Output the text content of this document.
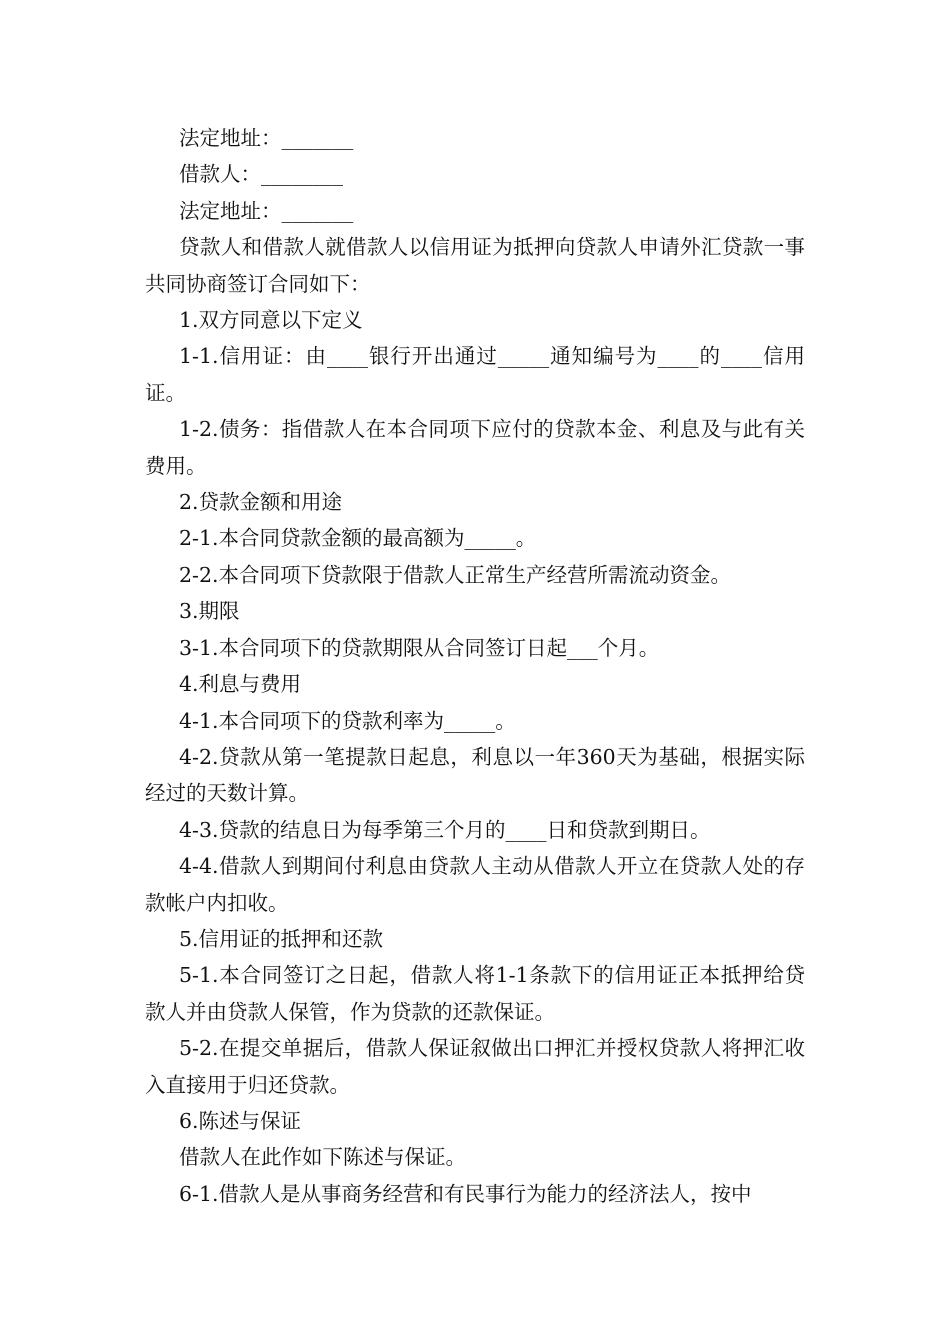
法定地址：_______

借款人：________

法定地址：_______

贷款人和借款人就借款人以信用证为抵押向贷款人申请外汇贷款一事共同协商签订合同如下：

1.双方同意以下定义

1-1.信用证：由____银行开出通过_____通知编号为____的____信用证。

1-2.债务：指借款人在本合同项下应付的贷款本金、利息及与此有关费用。

2.贷款金额和用途

2-1.本合同贷款金额的最高额为_____。

2-2.本合同项下贷款限于借款人正常生产经营所需流动资金。

3.期限

3-1.本合同项下的贷款期限从合同签订日起___个月。

4.利息与费用

4-1.本合同项下的贷款利率为_____。

4-2.贷款从第一笔提款日起息，利息以一年360天为基础，根据实际经过的天数计算。

4-3.贷款的结息日为每季第三个月的____日和贷款到期日。

4-4.借款人到期间付利息由贷款人主动从借款人开立在贷款人处的存款帐户内扣收。

5.信用证的抵押和还款

5-1.本合同签订之日起，借款人将1-1条款下的信用证正本抵押给贷款人并由贷款人保管，作为贷款的还款保证。

5-2.在提交单据后，借款人保证叙做出口押汇并授权贷款人将押汇收入直接用于归还贷款。

6.陈述与保证

借款人在此作如下陈述与保证。

6-1.借款人是从事商务经营和有民事行为能力的经济法人，按中
